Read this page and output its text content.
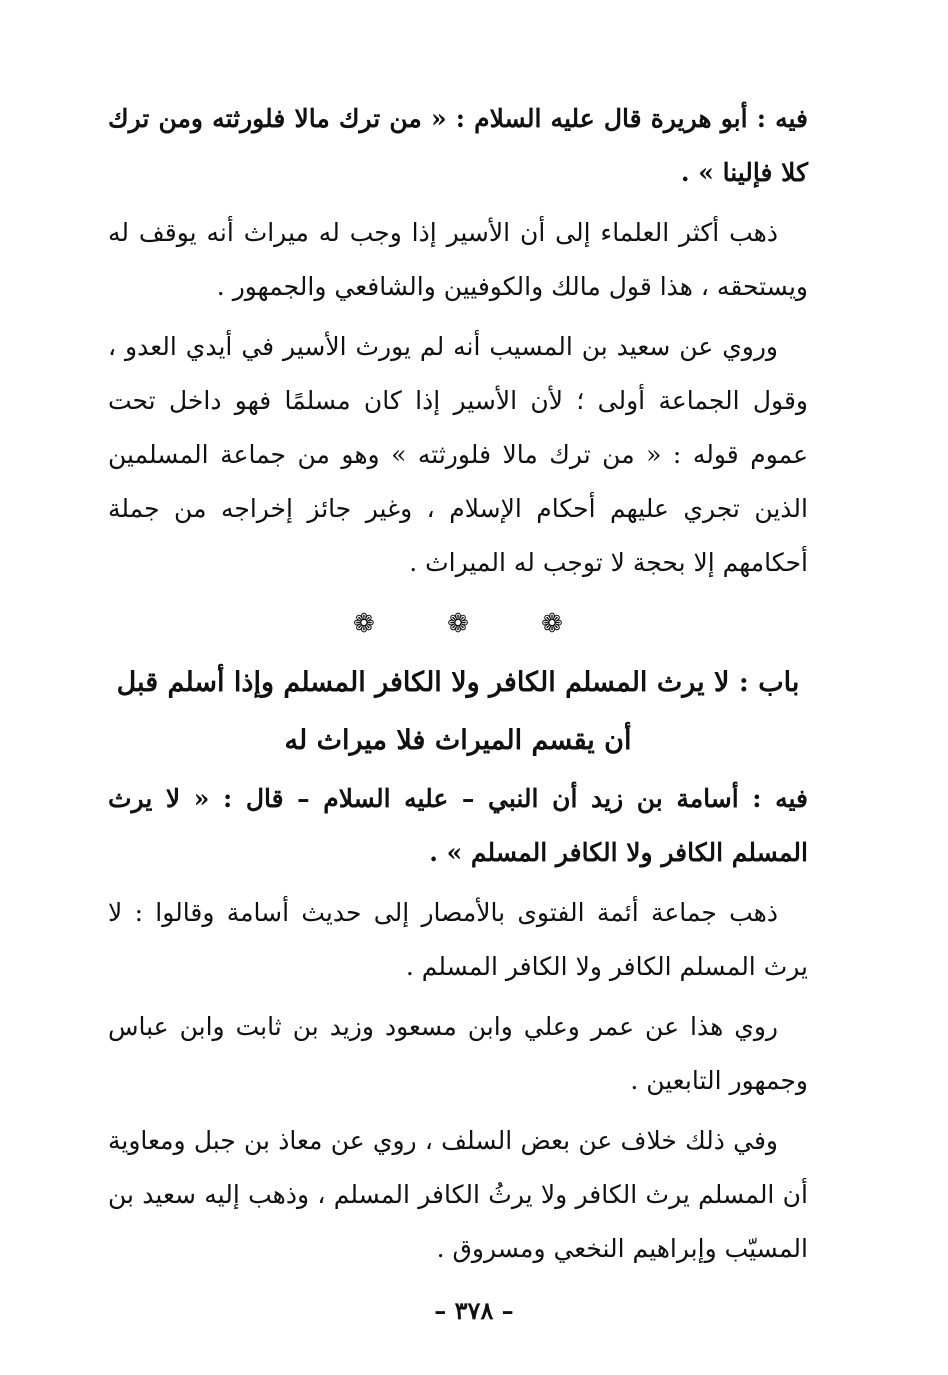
فيه : أبو هريرة قال عليه السلام : « من ترك مالا فلورثته ومن ترك كلا فإلينا » .

ذهب أكثر العلماء إلى أن الأسير إذا وجب له ميراث أنه يوقف له ويستحقه ، هذا قول مالك والكوفيين والشافعي والجمهور .

وروي عن سعيد بن المسيب أنه لم يورث الأسير في أيدي العدو ، وقول الجماعة أولى ؛ لأن الأسير إذا كان مسلمًا فهو داخل تحت عموم قوله : « من ترك مالا فلورثته » وهو من جماعة المسلمين الذين تجري عليهم أحكام الإسلام ، وغير جائز إخراجه من جملة أحكامهم إلا بحجة لا توجب له الميراث .

❁	❁	❁
باب : لا يرث المسلم الكافر ولا الكافر المسلم وإذا أسلم قبل
أن يقسم الميراث فلا ميراث له

فيه : أسامة بن زيد أن النبي – عليه السلام – قال : « لا يرث المسلم الكافر ولا الكافر المسلم » .

ذهب جماعة أئمة الفتوى بالأمصار إلى حديث أسامة وقالوا : لا يرث المسلم الكافر ولا الكافر المسلم .

روي هذا عن عمر وعلي وابن مسعود وزيد بن ثابت وابن عباس وجمهور التابعين .

وفي ذلك خلاف عن بعض السلف ، روي عن معاذ بن جبل ومعاوية أن المسلم يرث الكافر ولا يرثُ الكافر المسلم ، وذهب إليه سعيد بن المسيّب وإبراهيم النخعي ومسروق .

– ٣٧٨ –
